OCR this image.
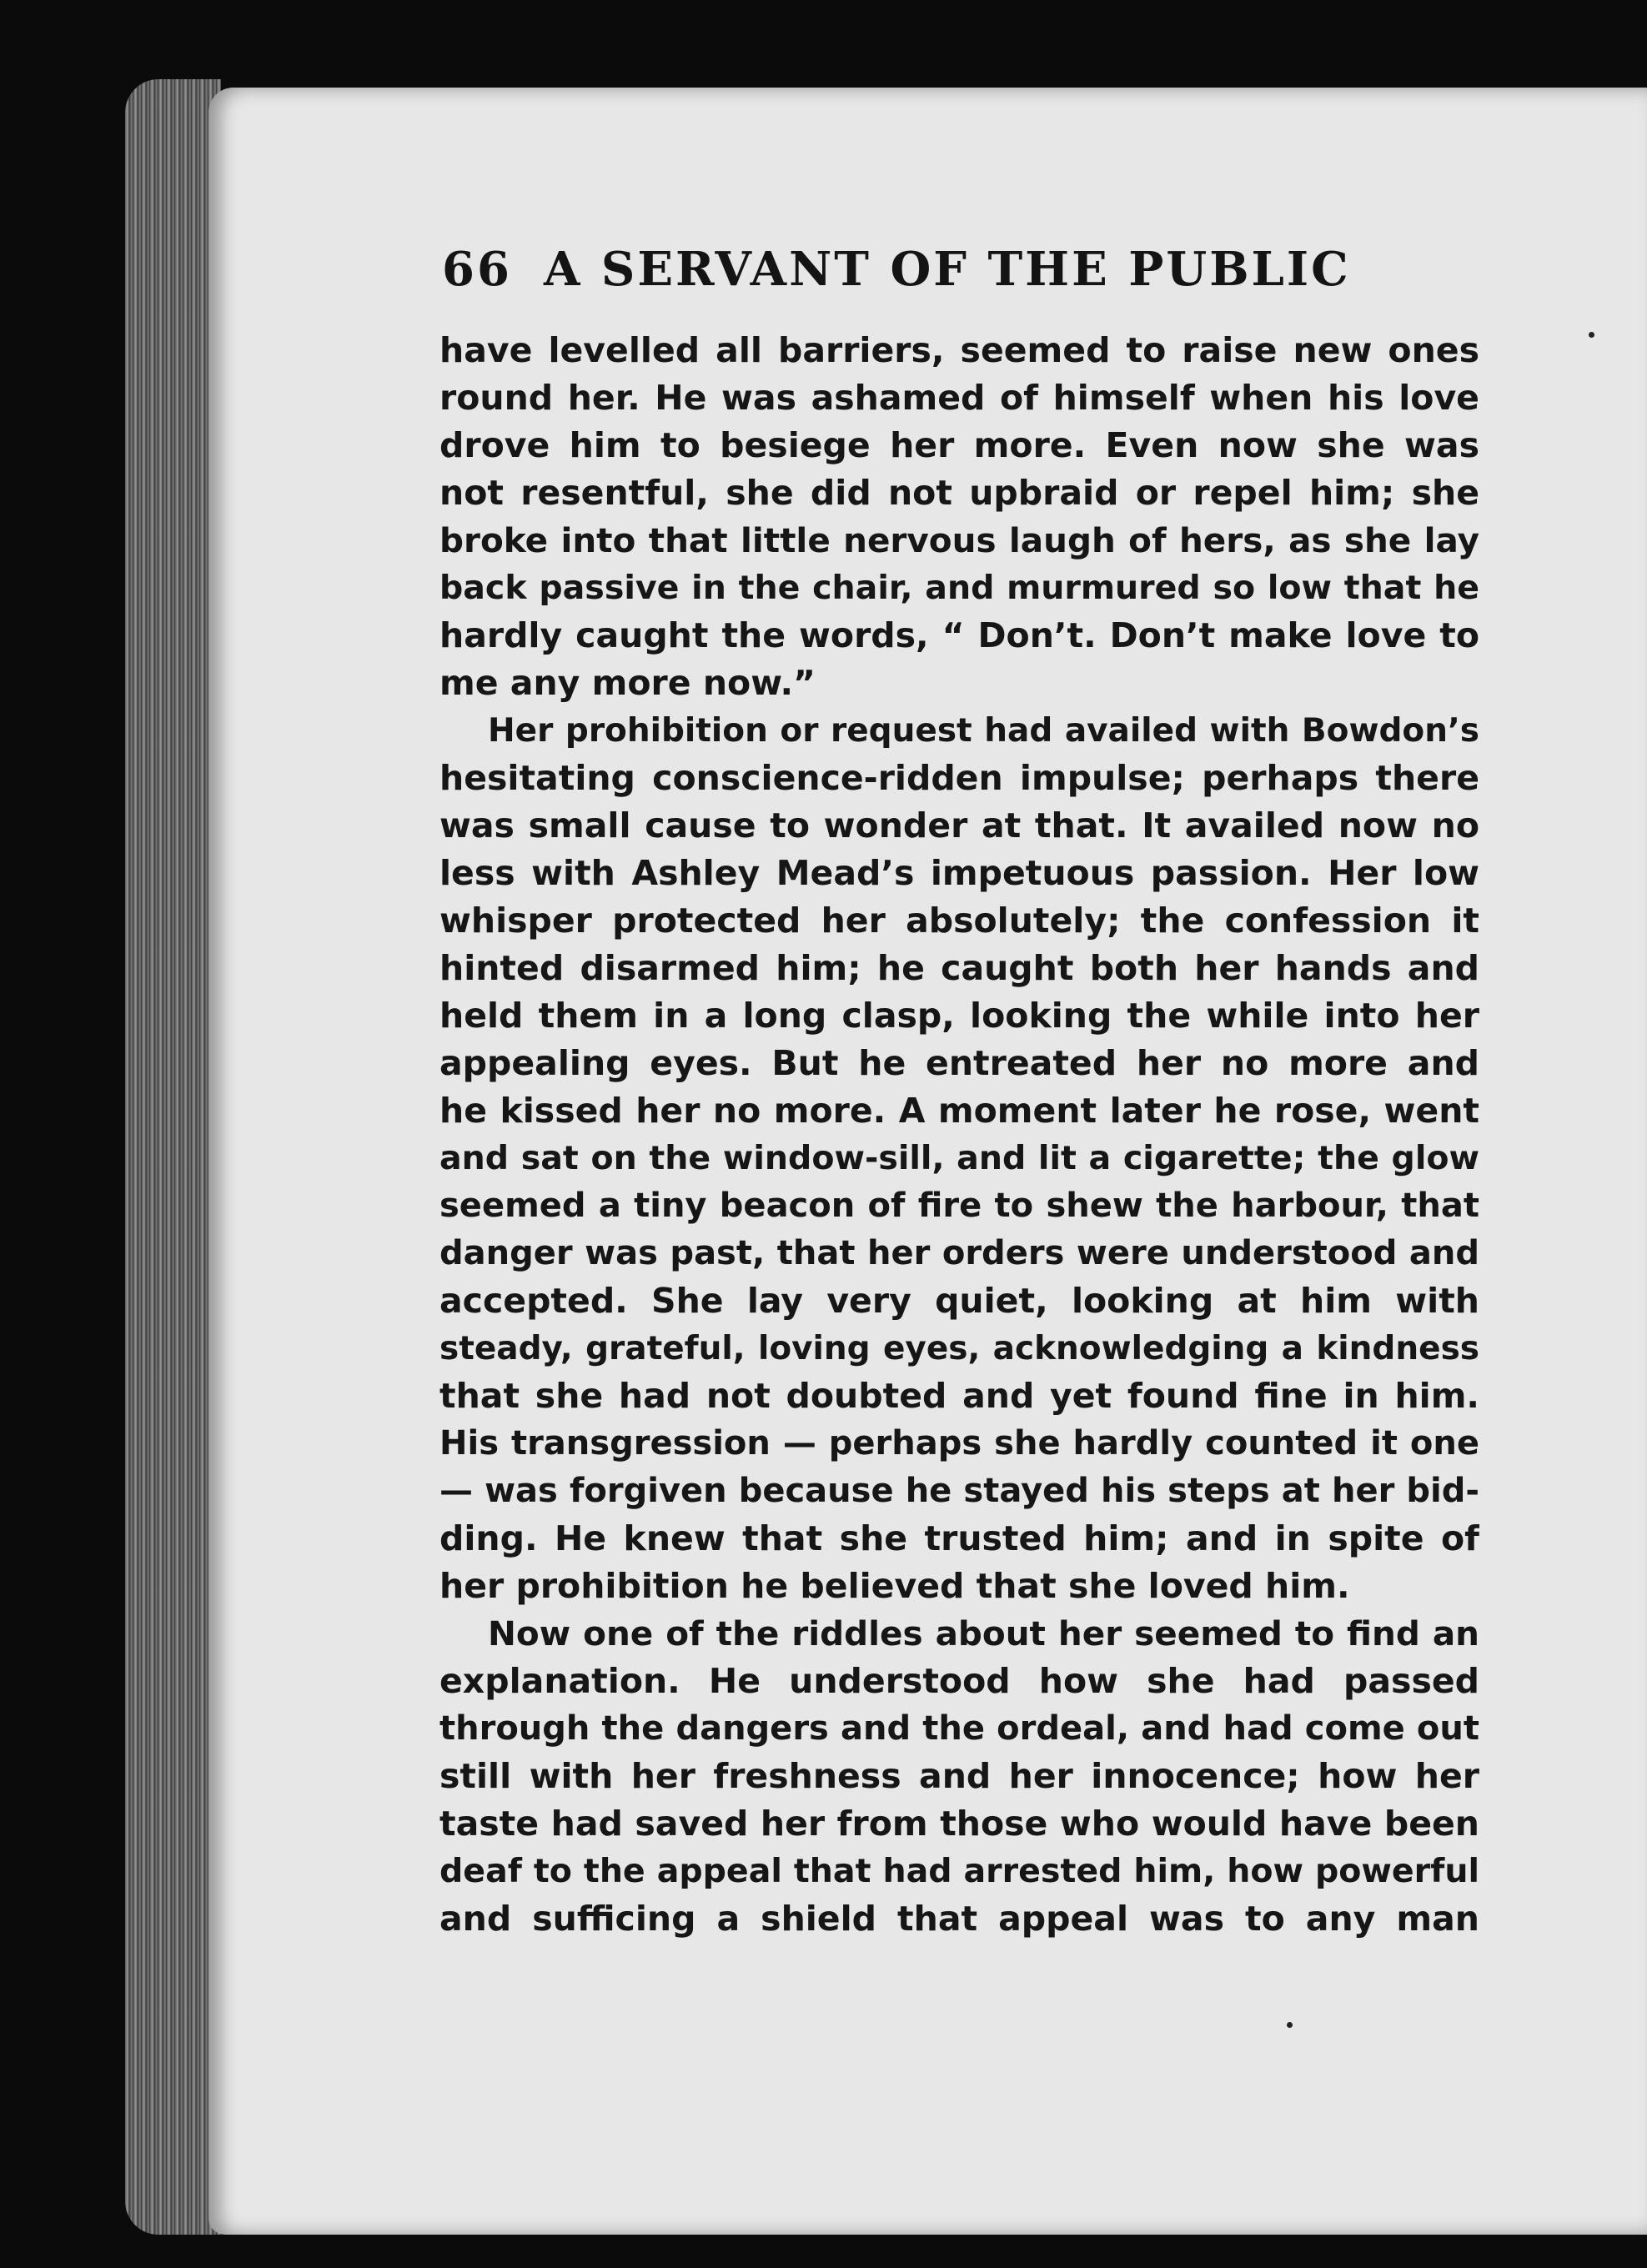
66 A SERVANT OF THE PUBLIC
have levelled all barriers, seemed to raise new ones
round her. He was ashamed of himself when his love
drove him to besiege her more. Even now she was
not resentful, she did not upbraid or repel him; she
broke into that little nervous laugh of hers, as she lay
back passive in the chair, and murmured so low that he
hardly caught the words, “ Don’t. Don’t make love to
me any more now.”
Her prohibition or request had availed with Bowdon’s
hesitating conscience-ridden impulse; perhaps there
was small cause to wonder at that. It availed now no
less with Ashley Mead’s impetuous passion. Her low
whisper protected her absolutely; the confession it
hinted disarmed him; he caught both her hands and
held them in a long clasp, looking the while into her
appealing eyes. But he entreated her no more and
he kissed her no more. A moment later he rose, went
and sat on the window-sill, and lit a cigarette; the glow
seemed a tiny beacon of fire to shew the harbour, that
danger was past, that her orders were understood and
accepted. She lay very quiet, looking at him with
steady, grateful, loving eyes, acknowledging a kindness
that she had not doubted and yet found fine in him.
His transgression — perhaps she hardly counted it one
— was forgiven because he stayed his steps at her bid-
ding. He knew that she trusted him; and in spite of
her prohibition he believed that she loved him.
Now one of the riddles about her seemed to find an
explanation. He understood how she had passed
through the dangers and the ordeal, and had come out
still with her freshness and her innocence; how her
taste had saved her from those who would have been
deaf to the appeal that had arrested him, how powerful
and sufficing a shield that appeal was to any man
